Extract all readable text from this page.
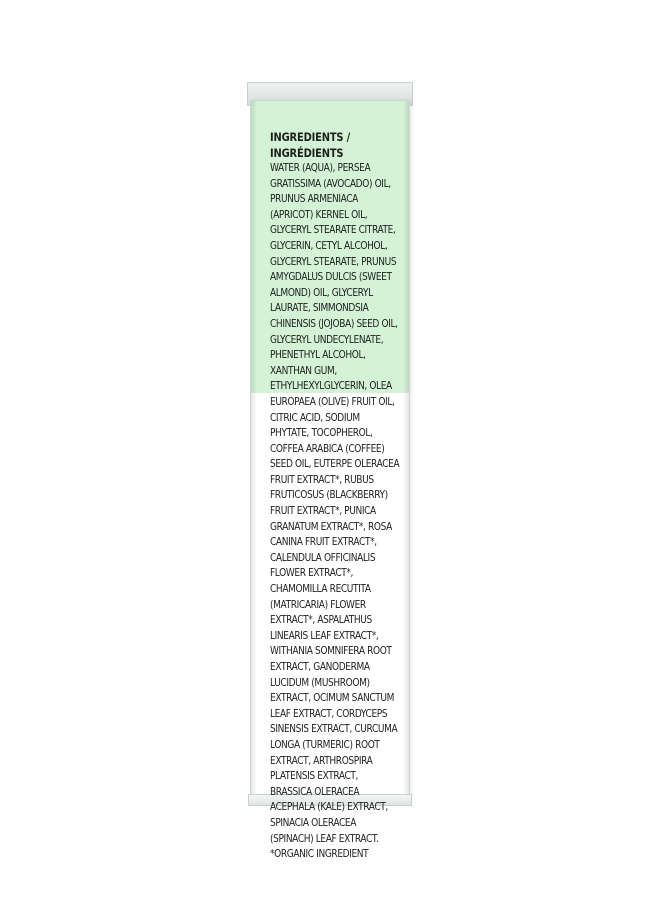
INGREDIENTS /
INGRÉDIENTS
WATER (AQUA), PERSEA
GRATISSIMA (AVOCADO) OIL,
PRUNUS ARMENIACA
(APRICOT) KERNEL OIL,
GLYCERYL STEARATE CITRATE,
GLYCERIN, CETYL ALCOHOL,
GLYCERYL STEARATE, PRUNUS
AMYGDALUS DULCIS (SWEET
ALMOND) OIL, GLYCERYL
LAURATE, SIMMONDSIA
CHINENSIS (JOJOBA) SEED OIL,
GLYCERYL UNDECYLENATE,
PHENETHYL ALCOHOL,
XANTHAN GUM,
ETHYLHEXYLGLYCERIN, OLEA
EUROPAEA (OLIVE) FRUIT OIL,
CITRIC ACID, SODIUM
PHYTATE, TOCOPHEROL,
COFFEA ARABICA (COFFEE)
SEED OIL, EUTERPE OLERACEA
FRUIT EXTRACT*, RUBUS
FRUTICOSUS (BLACKBERRY)
FRUIT EXTRACT*, PUNICA
GRANATUM EXTRACT*, ROSA
CANINA FRUIT EXTRACT*,
CALENDULA OFFICINALIS
FLOWER EXTRACT*,
CHAMOMILLA RECUTITA
(MATRICARIA) FLOWER
EXTRACT*, ASPALATHUS
LINEARIS LEAF EXTRACT*,
WITHANIA SOMNIFERA ROOT
EXTRACT, GANODERMA
LUCIDUM (MUSHROOM)
EXTRACT, OCIMUM SANCTUM
LEAF EXTRACT, CORDYCEPS
SINENSIS EXTRACT, CURCUMA
LONGA (TURMERIC) ROOT
EXTRACT, ARTHROSPIRA
PLATENSIS EXTRACT,
BRASSICA OLERACEA
ACEPHALA (KALE) EXTRACT,
SPINACIA OLERACEA
(SPINACH) LEAF EXTRACT.
*ORGANIC INGREDIENT
